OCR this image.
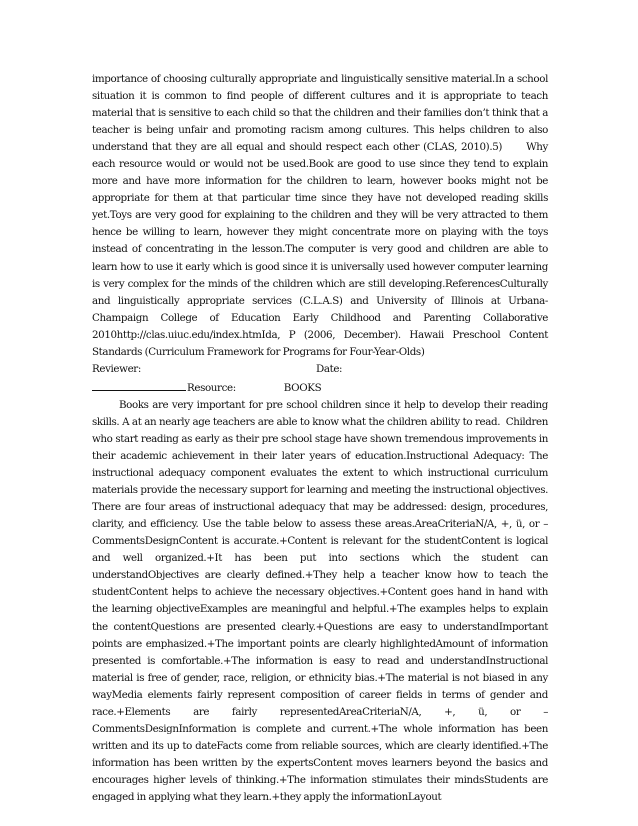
importance of choosing culturally appropriate and linguistically sensitive material.In a school situation it is common to find people of different cultures and it is appropriate to teach material that is sensitive to each child so that the children and their families don’t think that a teacher is being unfair and promoting racism among cultures. This helps children to also understand that they are all equal and should respect each other (CLAS, 2010).5)      Why each resource would or would not be used.Book are good to use since they tend to explain more and have more information for the children to learn, however books might not be appropriate for them at that particular time since they have not developed reading skills yet.Toys are very good for explaining to the children and they will be very attracted to them hence be willing to learn, however they might concentrate more on playing with the toys instead of concentrating in the lesson.The computer is very good and children are able to learn how to use it early which is good since it is universally used however computer learning is very complex for the minds of the children which are still developing.ReferencesCulturally and linguistically appropriate services (C.L.A.S) and University of Illinois at Urbana-Champaign College of Education Early Childhood and Parenting Collaborative 2010http://clas.uiuc.edu/index.htmIda, P (2006, December). Hawaii Preschool Content Standards (Curriculum Framework for Programs for Four-Year-Olds)

Reviewer:	Date:
Resource:	BOOKS

Books are very important for pre school children since it help to develop their reading skills. A at an nearly age teachers are able to know what the children ability to read.  Children who start reading as early as their pre school stage have shown tremendous improvements in their academic achievement in their later years of education.Instructional Adequacy: The instructional adequacy component evaluates the extent to which instructional curriculum materials provide the necessary support for learning and meeting the instructional objectives. There are four areas of instructional adequacy that may be addressed: design, procedures, clarity, and efficiency. Use the table below to assess these areas.AreaCriteriaN/A, +, ü, or – CommentsDesignContent is accurate.+Content is relevant for the studentContent is logical and well organized.+It has been put into sections which the student can understandObjectives are clearly defined.+They help a teacher know how to teach the studentContent helps to achieve the necessary objectives.+Content goes hand in hand with the learning objectiveExamples are meaningful and helpful.+The examples helps to explain the contentQuestions are presented clearly.+Questions are easy to understandImportant points are emphasized.+The important points are clearly highlightedAmount of information presented is comfortable.+The information is easy to read and understandInstructional material is free of gender, race, religion, or ethnicity bias.+The material is not biased in any wayMedia elements fairly represent composition of career fields in terms of gender and race.+Elements are fairly representedAreaCriteriaN/A, +, ü, or – CommentsDesignInformation is complete and current.+The whole information has been written and its up to dateFacts come from reliable sources, which are clearly identified.+The information has been written by the expertsContent moves learners beyond the basics and encourages higher levels of thinking.+The information stimulates their mindsStudents are engaged in applying what they learn.+they apply the informationLayout
